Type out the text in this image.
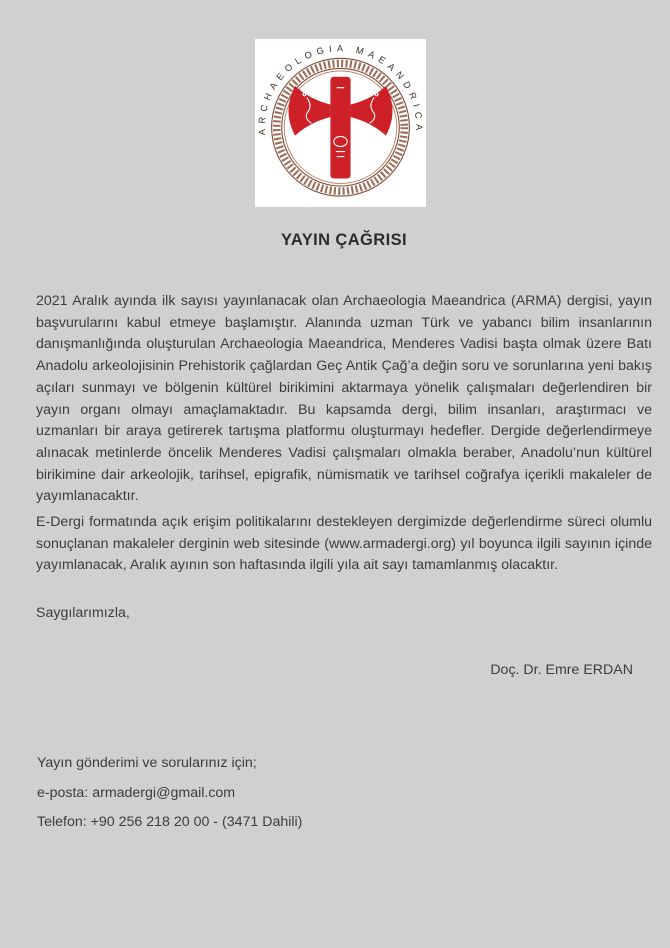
ARCHAEOLOGIA MAEANDRICA
YAYIN ÇAĞRISI

2021 Aralık ayında ilk sayısı yayınlanacak olan Archaeologia Maeandrica (ARMA) dergisi, yayın başvurularını kabul etmeye başlamıştır. Alanında uzman Türk ve yabancı bilim insanlarının danışmanlığında oluşturulan Archaeologia Maeandrica, Menderes Vadisi başta olmak üzere Batı Anadolu arkeolojisinin Prehistorik çağlardan Geç Antik Çağ’a değin soru ve sorunlarına yeni bakış açıları sunmayı ve bölgenin kültürel birikimini aktarmaya yönelik çalışmaları değerlendiren bir yayın organı olmayı amaçlamaktadır. Bu kapsamda dergi, bilim insanları, araştırmacı ve uzmanları bir araya getirerek tartışma platformu oluşturmayı hedefler. Dergide değerlendirmeye alınacak metinlerde öncelik Menderes Vadisi çalışmaları olmakla beraber, Anadolu’nun kültürel birikimine dair arkeolojik, tarihsel, epigrafik, nümismatik ve tarihsel coğrafya içerikli makaleler de yayımlanacaktır.

E-Dergi formatında açık erişim politikalarını destekleyen dergimizde değerlendirme süreci olumlu sonuçlanan makaleler derginin web sitesinde (www.armadergi.org) yıl boyunca ilgili sayının içinde yayımlanacak, Aralık ayının son haftasında ilgili yıla ait sayı tamamlanmış olacaktır.

Saygılarımızla,

Doç. Dr. Emre ERDAN

Yayın gönderimi ve sorularınız için;

e-posta: armadergi@gmail.com

Telefon: +90 256 218 20 00 - (3471 Dahili)
